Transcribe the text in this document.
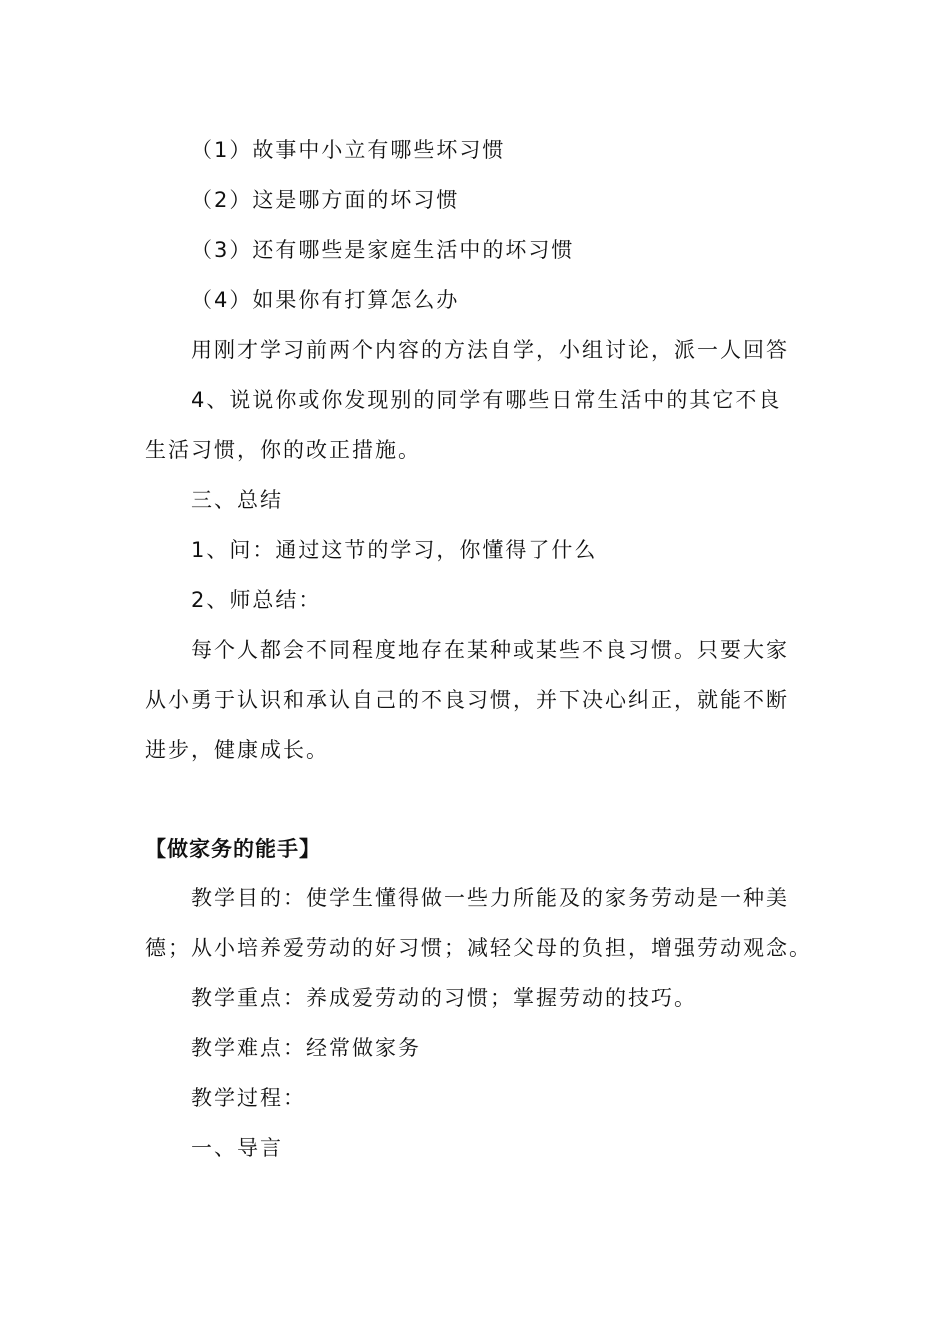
（1）故事中小立有哪些坏习惯
（2）这是哪方面的坏习惯
（3）还有哪些是家庭生活中的坏习惯
（4）如果你有打算怎么办
用刚才学习前两个内容的方法自学，小组讨论，派一人回答
4、说说你或你发现别的同学有哪些日常生活中的其它不良
生活习惯，你的改正措施。
三、总结
1、问：通过这节的学习，你懂得了什么
2、师总结：
每个人都会不同程度地存在某种或某些不良习惯。只要大家
从小勇于认识和承认自己的不良习惯，并下决心纠正，就能不断
进步，健康成长。
【做家务的能手】
教学目的：使学生懂得做一些力所能及的家务劳动是一种美
德；从小培养爱劳动的好习惯；减轻父母的负担，增强劳动观念。
教学重点：养成爱劳动的习惯；掌握劳动的技巧。
教学难点：经常做家务
教学过程：
一、导言
